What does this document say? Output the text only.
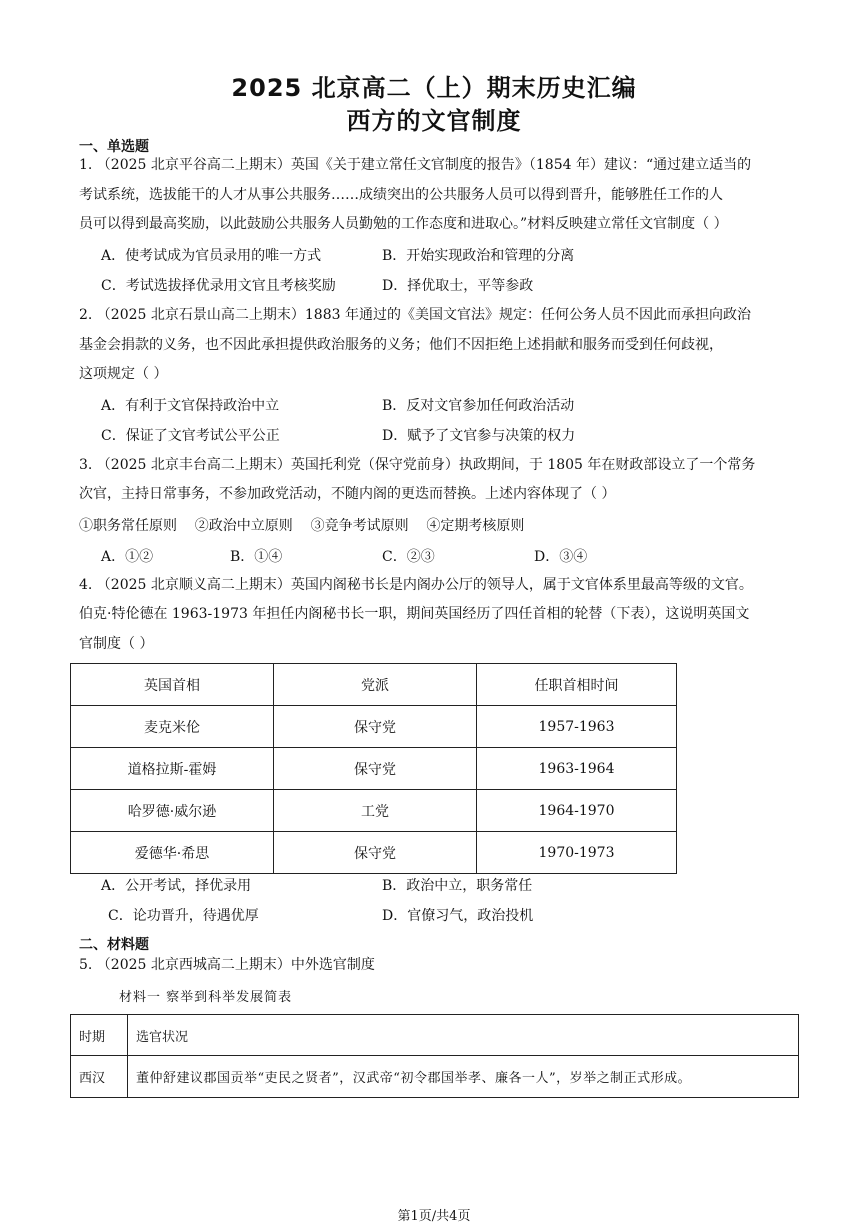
2025 北京高二（上）期末历史汇编
西方的文官制度
一、单选题
1. （2025 北京平谷高二上期末）英国《关于建立常任文官制度的报告》（1854 年）建议：“通过建立适当的
考试系统，选拔能干的人才从事公共服务……成绩突出的公共服务人员可以得到晋升，能够胜任工作的人
员可以得到最高奖励，以此鼓励公共服务人员勤勉的工作态度和进取心。”材料反映建立常任文官制度（ ）
A．使考试成为官员录用的唯一方式	B．开始实现政治和管理的分离
C．考试选拔择优录用文官且考核奖励	D．择优取士，平等参政
2. （2025 北京石景山高二上期末）1883 年通过的《美国文官法》规定：任何公务人员不因此而承担向政治
基金会捐款的义务，也不因此承担提供政治服务的义务；他们不因拒绝上述捐献和服务而受到任何歧视，
这项规定（ ）
A．有利于文官保持政治中立	B．反对文官参加任何政治活动
C．保证了文官考试公平公正	D．赋予了文官参与决策的权力
3. （2025 北京丰台高二上期末）英国托利党（保守党前身）执政期间，于 1805 年在财政部设立了一个常务
次官，主持日常事务，不参加政党活动，不随内阁的更迭而替换。上述内容体现了（ ）
①职务常任原则    ②政治中立原则    ③竞争考试原则    ④定期考核原则
A．①②	B．①④	C．②③	D．③④
4. （2025 北京顺义高二上期末）英国内阁秘书长是内阁办公厅的领导人，属于文官体系里最高等级的文官。
伯克·特伦德在 1963-1973 年担任内阁秘书长一职，期间英国经历了四任首相的轮替（下表），这说明英国文
官制度（ ）
英国首相	党派	任职首相时间
麦克米伦	保守党	1957-1963
道格拉斯-霍姆	保守党	1963-1964
哈罗德·威尔逊	工党	1964-1970
爱德华·希思	保守党	1970-1973
A．公开考试，择优录用	B．政治中立，职务常任
C．论功晋升，待遇优厚	D．官僚习气，政治投机
二、材料题
5. （2025 北京西城高二上期末）中外选官制度
材料一 察举到科举发展简表
时期	选官状况
西汉	董仲舒建议郡国贡举“吏民之贤者”，汉武帝“初令郡国举孝、廉各一人”，岁举之制正式形成。
第1页/共4页
